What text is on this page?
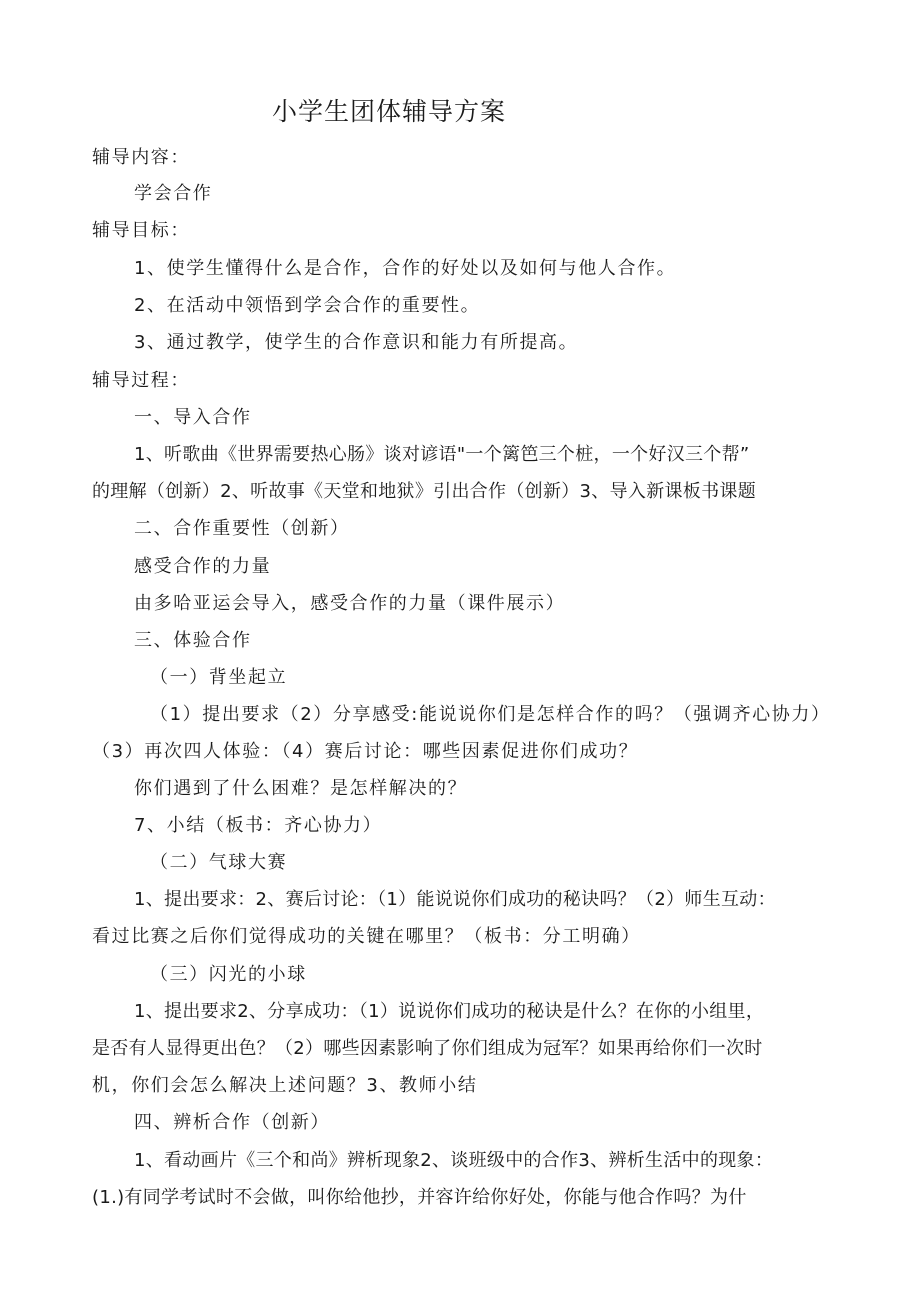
小学生团体辅导方案
辅导内容：
学会合作
辅导目标：
1、使学生懂得什么是合作，合作的好处以及如何与他人合作。
2、在活动中领悟到学会合作的重要性。
3、通过教学，使学生的合作意识和能力有所提高。
辅导过程：
一、导入合作
1、听歌曲《世界需要热心肠》谈对谚语"一个篱笆三个桩，一个好汉三个帮”
的理解（创新）2、听故事《天堂和地狱》引出合作（创新）3、导入新课板书课题
二、合作重要性（创新）
感受合作的力量
由多哈亚运会导入，感受合作的力量（课件展示）
三、体验合作
（一）背坐起立
（1）提出要求（2）分享感受:能说说你们是怎样合作的吗？（强调齐心协力）
（3）再次四人体验：（4）赛后讨论：哪些因素促进你们成功？
你们遇到了什么困难？是怎样解决的？
7、小结（板书：齐心协力）
（二）气球大赛
1、提出要求：2、赛后讨论：（1）能说说你们成功的秘诀吗？（2）师生互动：
看过比赛之后你们觉得成功的关键在哪里？（板书：分工明确）
（三）闪光的小球
1、提出要求2、分享成功：（1）说说你们成功的秘诀是什么？在你的小组里，
是否有人显得更出色？（2）哪些因素影响了你们组成为冠军？如果再给你们一次时
机，你们会怎么解决上述问题？3、教师小结
四、辨析合作（创新）
1、看动画片《三个和尚》辨析现象2、谈班级中的合作3、辨析生活中的现象：
(1.)有同学考试时不会做，叫你给他抄，并容许给你好处，你能与他合作吗？为什
